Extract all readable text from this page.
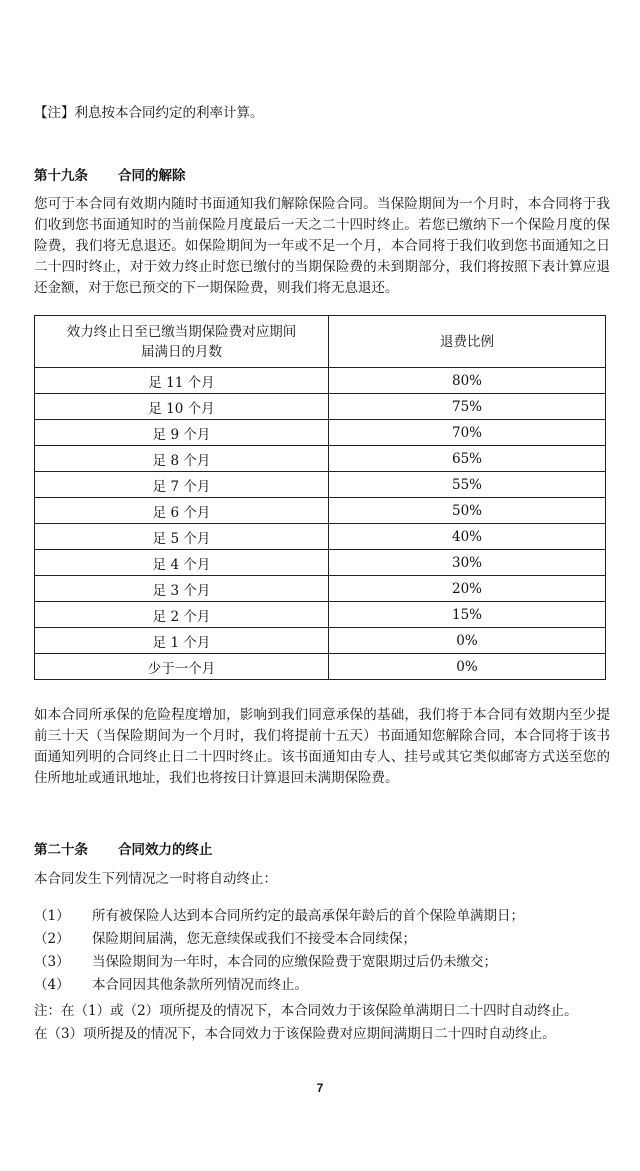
【注】利息按本合同约定的利率计算。
第十九条 合同的解除
您可于本合同有效期内随时书面通知我们解除保险合同。当保险期间为一个月时，本合同将于我们收到您书面通知时的当前保险月度最后一天之二十四时终止。若您已缴纳下一个保险月度的保险费，我们将无息退还。如保险期间为一年或不足一个月，本合同将于我们收到您书面通知之日二十四时终止，对于效力终止时您已缴付的当期保险费的未到期部分，我们将按照下表计算应退还金额，对于您已预交的下一期保险费，则我们将无息退还。
效力终止日至已缴当期保险费对应期间届满日的月数	退费比例
足 11 个月	80%
足 10 个月	75%
足 9 个月	70%
足 8 个月	65%
足 7 个月	55%
足 6 个月	50%
足 5 个月	40%
足 4 个月	30%
足 3 个月	20%
足 2 个月	15%
足 1 个月	0%
少于一个月	0%
如本合同所承保的危险程度增加，影响到我们同意承保的基础，我们将于本合同有效期内至少提前三十天（当保险期间为一个月时，我们将提前十五天）书面通知您解除合同，本合同将于该书面通知列明的合同终止日二十四时终止。该书面通知由专人、挂号或其它类似邮寄方式送至您的住所地址或通讯地址，我们也将按日计算退回未满期保险费。
第二十条 合同效力的终止
本合同发生下列情况之一时将自动终止：
（1） 所有被保险人达到本合同所约定的最高承保年龄后的首个保险单满期日；
（2） 保险期间届满，您无意续保或我们不接受本合同续保；
（3） 当保险期间为一年时，本合同的应缴保险费于宽限期过后仍未缴交；
（4） 本合同因其他条款所列情况而终止。
注：在（1）或（2）项所提及的情况下，本合同效力于该保险单满期日二十四时自动终止。
在（3）项所提及的情况下，本合同效力于该保险费对应期间满期日二十四时自动终止。
7
